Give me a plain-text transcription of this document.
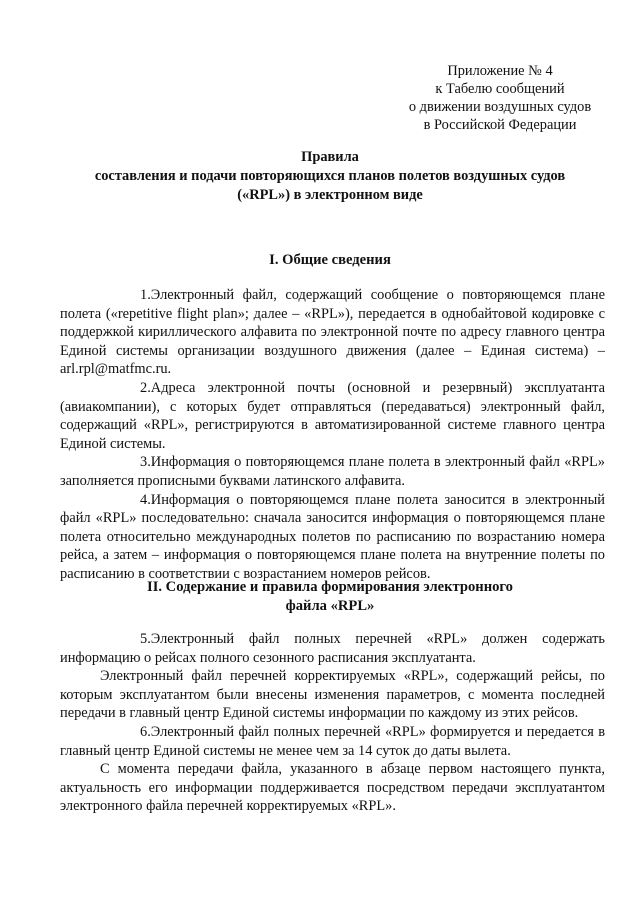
Приложение № 4
к Табелю сообщений
о движении воздушных судов
в Российской Федерации
Правила
составления и подачи повторяющихся планов полетов воздушных судов
(«RPL») в электронном виде
I. Общие сведения

1.Электронный файл, содержащий сообщение о повторяющемся плане полета («repetitive flight plan»; далее – «RPL»), передается в однобайтовой кодировке с поддержкой кириллического алфавита по электронной почте по адресу главного центра Единой системы организации воздушного движения (далее – Единая система) – arl.rpl@matfmc.ru.

2.Адреса электронной почты (основной и резервный) эксплуатанта (авиакомпании), с которых будет отправляться (передаваться) электронный файл, содержащий «RPL», регистрируются в автоматизированной системе главного центра Единой системы.

3.Информация о повторяющемся плане полета в электронный файл «RPL» заполняется прописными буквами латинского алфавита.

4.Информация о повторяющемся плане полета заносится в электронный файл «RPL» последовательно: сначала заносится информация о повторяющемся плане полета относительно международных полетов по расписанию по возрастанию номера рейса, а затем – информация о повторяющемся плане полета на внутренние полеты по расписанию в соответствии с возрастанием номеров рейсов.

II. Содержание и правила формирования электронного
файла «RPL»

5.Электронный файл полных перечней «RPL» должен содержать информацию о рейсах полного сезонного расписания эксплуатанта.

Электронный файл перечней корректируемых «RPL», содержащий рейсы, по которым эксплуатантом были внесены изменения параметров, с момента последней передачи в главный центр Единой системы информации по каждому из этих рейсов.

6.Электронный файл полных перечней «RPL» формируется и передается в главный центр Единой системы не менее чем за 14 суток до даты вылета.

С момента передачи файла, указанного в абзаце первом настоящего пункта, актуальность его информации поддерживается посредством передачи эксплуатантом электронного файла перечней корректируемых «RPL».
